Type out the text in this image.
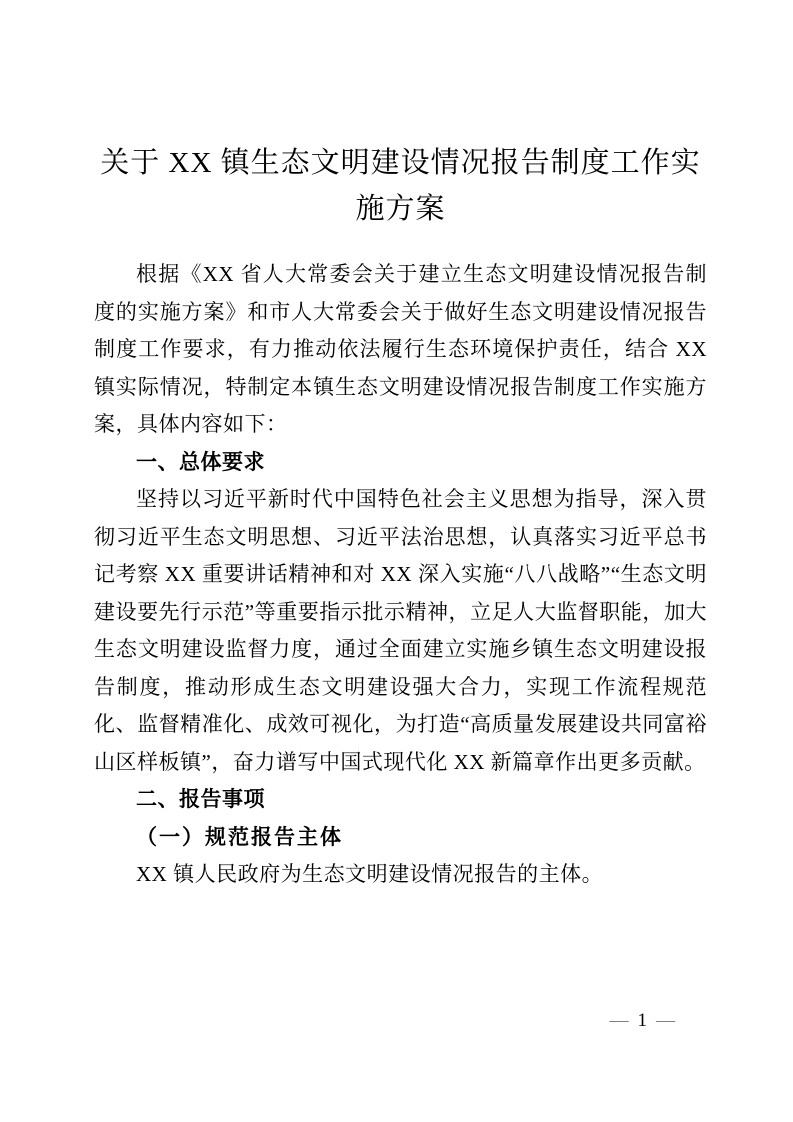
关于 XX 镇生态文明建设情况报告制度工作实施方案

根据《XX 省人大常委会关于建立生态文明建设情况报告制度的实施方案》和市人大常委会关于做好生态文明建设情况报告制度工作要求，有力推动依法履行生态环境保护责任，结合 XX 镇实际情况，特制定本镇生态文明建设情况报告制度工作实施方案，具体内容如下：

一、总体要求

坚持以习近平新时代中国特色社会主义思想为指导，深入贯彻习近平生态文明思想、习近平法治思想，认真落实习近平总书记考察 XX 重要讲话精神和对 XX 深入实施“八八战略”“生态文明建设要先行示范”等重要指示批示精神，立足人大监督职能，加大生态文明建设监督力度，通过全面建立实施乡镇生态文明建设报告制度，推动形成生态文明建设强大合力，实现工作流程规范化、监督精准化、成效可视化，为打造“高质量发展建设共同富裕山区样板镇”，奋力谱写中国式现代化 XX 新篇章作出更多贡献。

二、报告事项
（一）规范报告主体

XX 镇人民政府为生态文明建设情况报告的主体。

— 1 —
